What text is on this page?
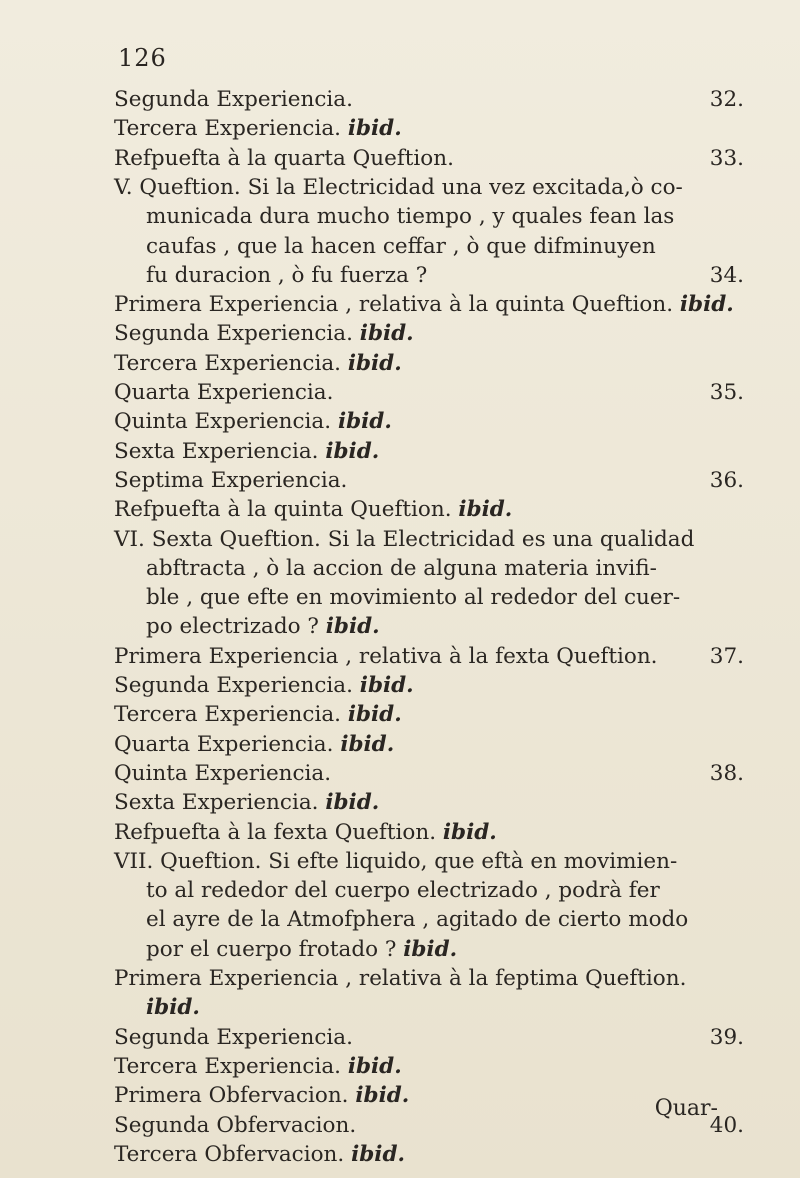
126
Segunda Experiencia.	32.
Tercera Experiencia. ibid.
Refpuefta à la quarta Queftion.	33.
V. Queftion. Si la Electricidad una vez excitada,ò co-
municada dura mucho tiempo , y quales fean las
caufas , que la hacen ceffar , ò que difminuyen
fu duracion , ò fu fuerza ?	34.
Primera Experiencia , relativa à la quinta Queftion. ibid.
Segunda Experiencia. ibid.
Tercera Experiencia. ibid.
Quarta Experiencia.	35.
Quinta Experiencia. ibid.
Sexta Experiencia. ibid.
Septima Experiencia.	36.
Refpuefta à la quinta Queftion. ibid.
VI. Sexta Queftion. Si la Electricidad es una qualidad
abftracta , ò la accion de alguna materia invifi-
ble , que efte en movimiento al rededor del cuer-
po electrizado ? ibid.
Primera Experiencia , relativa à la fexta Queftion. 37.
Segunda Experiencia. ibid.
Tercera Experiencia. ibid.
Quarta Experiencia. ibid.
Quinta Experiencia.	38.
Sexta Experiencia. ibid.
Refpuefta à la fexta Queftion. ibid.
VII. Queftion. Si efte liquido, que eftà en movimien-
to al rededor del cuerpo electrizado , podrà fer
el ayre de la Atmofphera , agitado de cierto modo
por el cuerpo frotado ? ibid.
Primera Experiencia , relativa à la feptima Queftion.
ibid.
Segunda Experiencia.	39.
Tercera Experiencia. ibid.
Primera Obfervacion. ibid.
Segunda Obfervacion.	40.
Tercera Obfervacion. ibid.
Quar-
